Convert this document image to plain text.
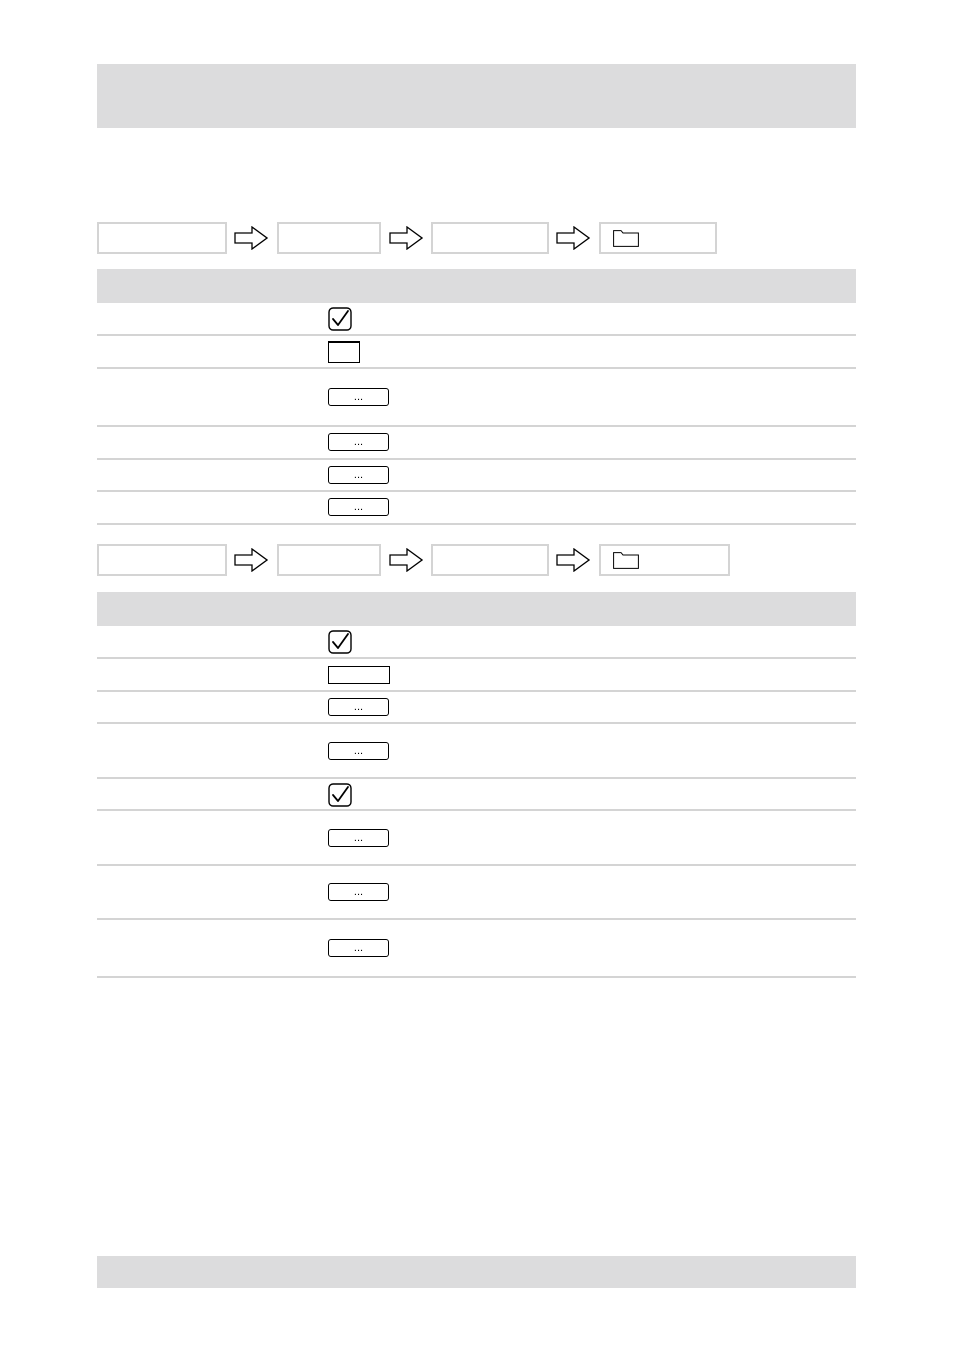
...
...
...
...
...
...
...
...
...
